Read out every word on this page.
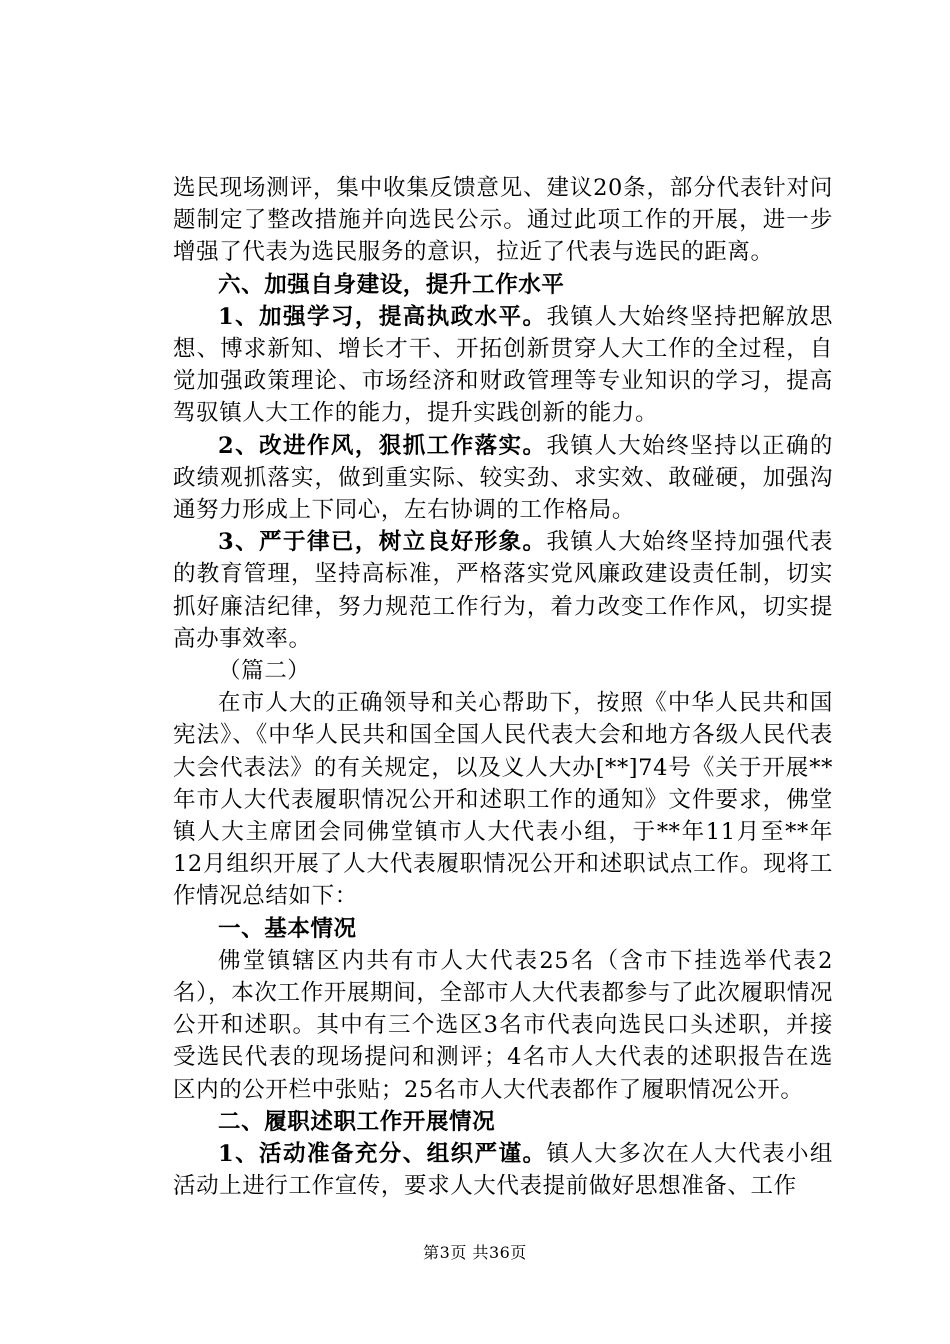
选民现场测评，集中收集反馈意见、建议20条，部分代表针对问题制定了整改措施并向选民公示。通过此项工作的开展，进一步增强了代表为选民服务的意识，拉近了代表与选民的距离。

六、加强自身建设，提升工作水平

1、加强学习，提高执政水平。我镇人大始终坚持把解放思想、博求新知、增长才干、开拓创新贯穿人大工作的全过程，自觉加强政策理论、市场经济和财政管理等专业知识的学习，提高驾驭镇人大工作的能力，提升实践创新的能力。

2、改进作风，狠抓工作落实。我镇人大始终坚持以正确的政绩观抓落实，做到重实际、较实劲、求实效、敢碰硬，加强沟通努力形成上下同心，左右协调的工作格局。

3、严于律已，树立良好形象。我镇人大始终坚持加强代表的教育管理，坚持高标准，严格落实党风廉政建设责任制，切实抓好廉洁纪律，努力规范工作行为，着力改变工作作风，切实提高办事效率。

（篇二）

在市人大的正确领导和关心帮助下，按照《中华人民共和国宪法》、《中华人民共和国全国人民代表大会和地方各级人民代表大会代表法》的有关规定，以及义人大办[**]74号《关于开展**年市人大代表履职情况公开和述职工作的通知》文件要求，佛堂镇人大主席团会同佛堂镇市人大代表小组，于**年11月至**年12月组织开展了人大代表履职情况公开和述职试点工作。现将工作情况总结如下：

一、基本情况

佛堂镇辖区内共有市人大代表25名（含市下挂选举代表2名），本次工作开展期间，全部市人大代表都参与了此次履职情况公开和述职。其中有三个选区3名市代表向选民口头述职，并接受选民代表的现场提问和测评；4名市人大代表的述职报告在选区内的公开栏中张贴；25名市人大代表都作了履职情况公开。

二、履职述职工作开展情况

1、活动准备充分、组织严谨。镇人大多次在人大代表小组活动上进行工作宣传，要求人大代表提前做好思想准备、工作

第3页 共36页
